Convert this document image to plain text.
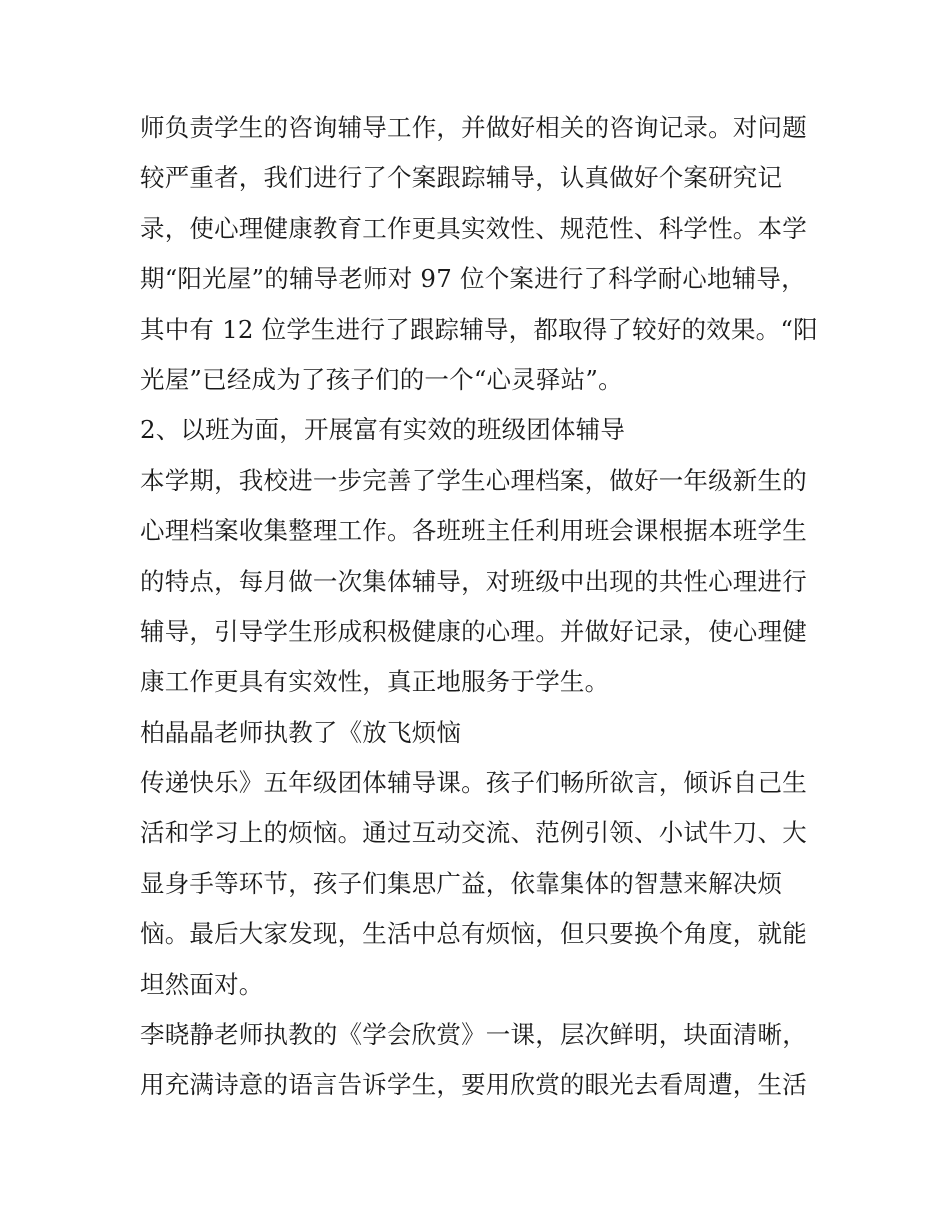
师负责学生的咨询辅导工作，并做好相关的咨询记录。对问题
较严重者，我们进行了个案跟踪辅导，认真做好个案研究记
录，使心理健康教育工作更具实效性、规范性、科学性。本学
期“阳光屋”的辅导老师对 97 位个案进行了科学耐心地辅导，
其中有 12 位学生进行了跟踪辅导，都取得了较好的效果。“阳
光屋”已经成为了孩子们的一个“心灵驿站”。
2、以班为面，开展富有实效的班级团体辅导
本学期，我校进一步完善了学生心理档案，做好一年级新生的
心理档案收集整理工作。各班班主任利用班会课根据本班学生
的特点，每月做一次集体辅导，对班级中出现的共性心理进行
辅导，引导学生形成积极健康的心理。并做好记录，使心理健
康工作更具有实效性，真正地服务于学生。
柏晶晶老师执教了《放飞烦恼
传递快乐》五年级团体辅导课。孩子们畅所欲言，倾诉自己生
活和学习上的烦恼。通过互动交流、范例引领、小试牛刀、大
显身手等环节，孩子们集思广益，依靠集体的智慧来解决烦
恼。最后大家发现，生活中总有烦恼，但只要换个角度，就能
坦然面对。
李晓静老师执教的《学会欣赏》一课，层次鲜明，块面清晰，
用充满诗意的语言告诉学生，要用欣赏的眼光去看周遭，生活
